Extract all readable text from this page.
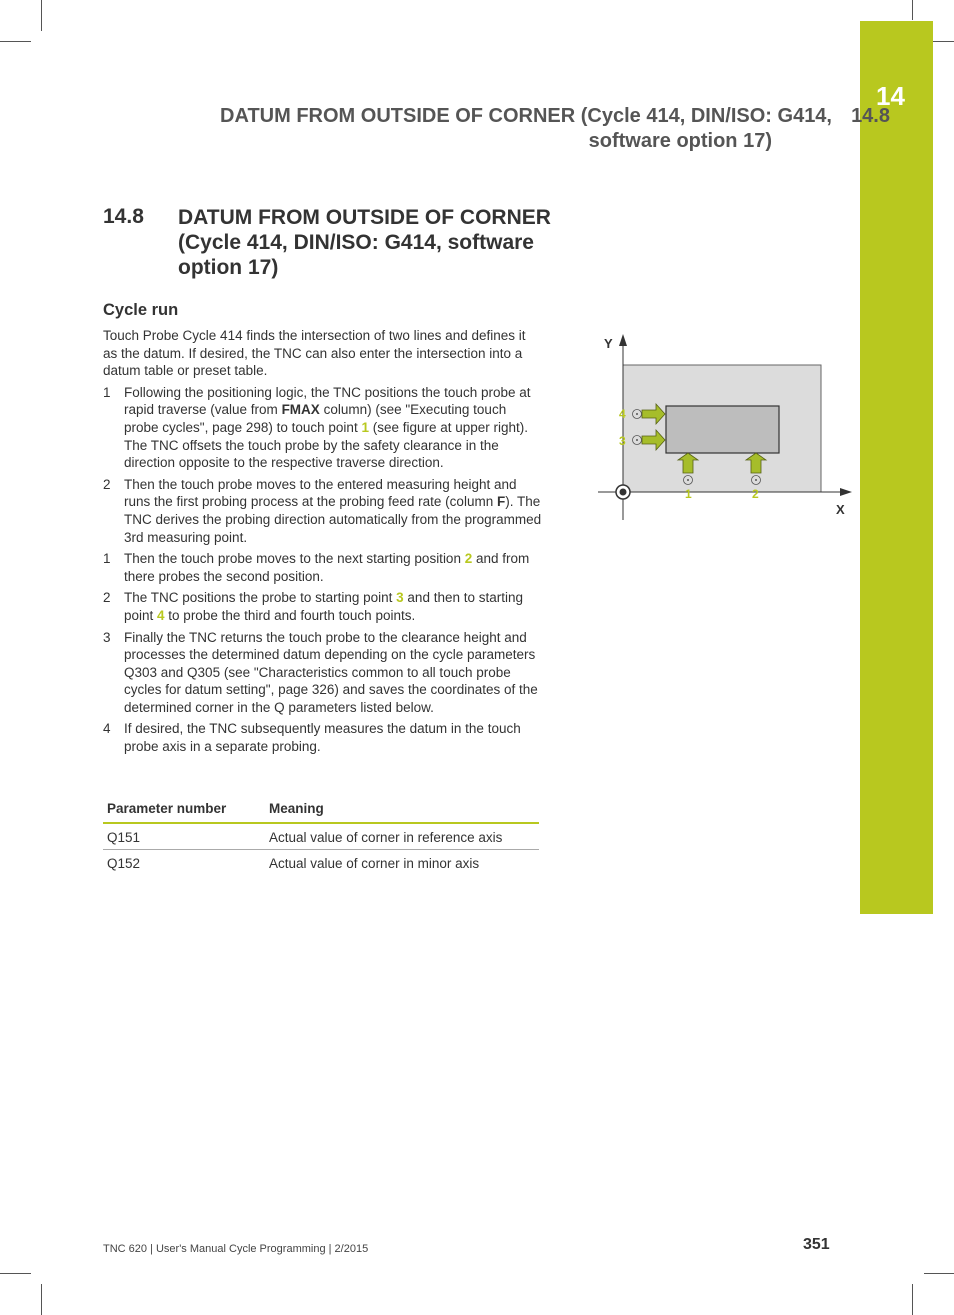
14
DATUM FROM OUTSIDE OF CORNER (Cycle 414, DIN/ISO: G414,
software option 17)
14.8
14.8 DATUM FROM OUTSIDE OF CORNER (Cycle 414, DIN/ISO: G414, software option 17)
Cycle run

Touch Probe Cycle 414 finds the intersection of two lines and defines it as the datum. If desired, the TNC can also enter the intersection into a datum table or preset table.

1 Following the positioning logic, the TNC positions the touch probe at rapid traverse (value from FMAX column) (see "Executing touch probe cycles", page 298) to touch point 1 (see figure at upper right). The TNC offsets the touch probe by the safety clearance in the direction opposite to the respective traverse direction.
2 Then the touch probe moves to the entered measuring height and runs the first probing process at the probing feed rate (column F). The TNC derives the probing direction automatically from the programmed 3rd measuring point.
1 Then the touch probe moves to the next starting position 2 and from there probes the second position.
2 The TNC positions the probe to starting point 3 and then to starting point 4 to probe the third and fourth touch points.
3 Finally the TNC returns the touch probe to the clearance height and processes the determined datum depending on the cycle parameters Q303 and Q305 (see "Characteristics common to all touch probe cycles for datum setting", page 326) and saves the coordinates of the determined corner in the Q parameters listed below.
4 If desired, the TNC subsequently measures the datum in the touch probe axis in a separate probing.
Parameter number	Meaning
Q151	Actual value of corner in reference axis
Q152	Actual value of corner in minor axis
Y
X
4
3
1	2
TNC 620 | User's Manual Cycle Programming | 2/2015	351
